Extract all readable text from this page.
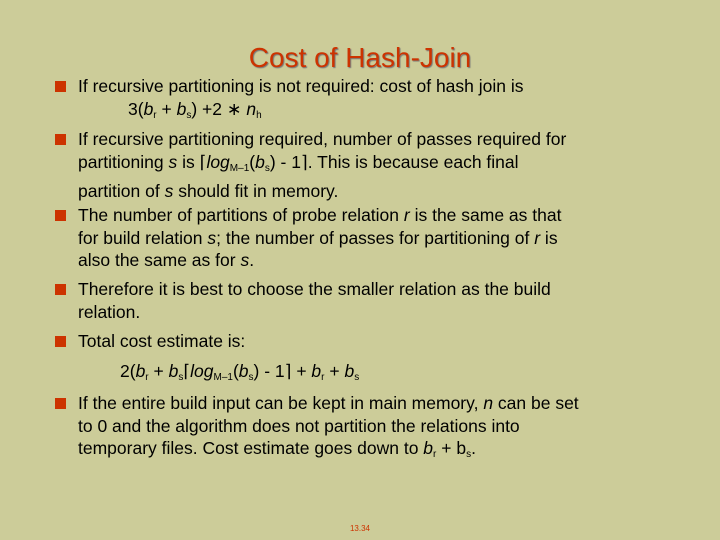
Cost of Hash-Join
If recursive partitioning is not required: cost of hash join is

$3(b_r + b_s) +2$ ∗ $n_h$
If recursive partitioning required, number of passes required for
partitioning s is $⌈\log_{M-1}(b_s)$ - 1⌉. This is because each final
partition of s should fit in memory.
The number of partitions of probe relation r is the same as that
for build relation s; the number of passes for partitioning of r is
also the same as for s.
Therefore it is best to choose the smaller relation as the build
relation.
Total cost estimate is:
$2(b_r$ + $b_s⌈\log_{M-1}(b_s)$ - 1⌉ + $b_r + b_s$
If the entire build input can be kept in main memory, n can be set
to 0 and the algorithm does not partition the relations into
temporary files. Cost estimate goes down to $b_r + b_s$.
13.34
